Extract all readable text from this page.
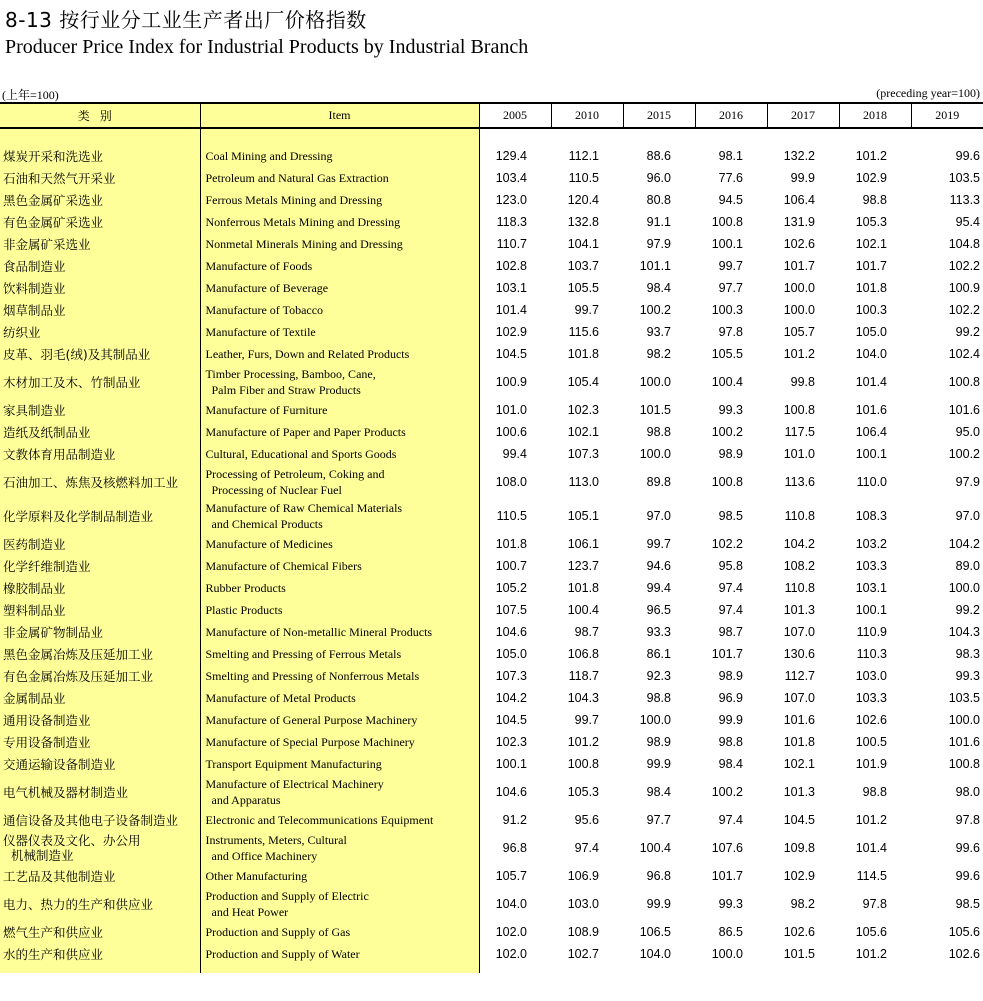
8-13 按行业分工业生产者出厂价格指数
Producer Price Index for Industrial Products by Industrial Branch
(上年=100)	(preceding year=100)
类别	Item	2005	2010	2015	2016	2017	2018	2019

煤炭开采和洗选业	Coal Mining and Dressing	129.4	112.1	88.6	98.1	132.2	101.2	99.6

石油和天然气开采业	Petroleum and Natural Gas Extraction	103.4	110.5	96.0	77.6	99.9	102.9	103.5

黑色金属矿采选业	Ferrous Metals Mining and Dressing	123.0	120.4	80.8	94.5	106.4	98.8	113.3

有色金属矿采选业	Nonferrous Metals Mining and Dressing	118.3	132.8	91.1	100.8	131.9	105.3	95.4

非金属矿采选业	Nonmetal Minerals Mining and Dressing	110.7	104.1	97.9	100.1	102.6	102.1	104.8

食品制造业	Manufacture of Foods	102.8	103.7	101.1	99.7	101.7	101.7	102.2

饮料制造业	Manufacture of Beverage	103.1	105.5	98.4	97.7	100.0	101.8	100.9

烟草制品业	Manufacture of Tobacco	101.4	99.7	100.2	100.3	100.0	100.3	102.2

纺织业	Manufacture of Textile	102.9	115.6	93.7	97.8	105.7	105.0	99.2

皮革、羽毛(绒)及其制品业	Leather, Furs, Down and Related Products	104.5	101.8	98.2	105.5	101.2	104.0	102.4

木材加工及木、竹制品业	Timber Processing, Bamboo, Cane,
Palm Fiber and Straw Products	100.9	105.4	100.0	100.4	99.8	101.4	100.8

家具制造业	Manufacture of Furniture	101.0	102.3	101.5	99.3	100.8	101.6	101.6

造纸及纸制品业	Manufacture of Paper and Paper Products	100.6	102.1	98.8	100.2	117.5	106.4	95.0

文教体育用品制造业	Cultural, Educational and Sports Goods	99.4	107.3	100.0	98.9	101.0	100.1	100.2

石油加工、炼焦及核燃料加工业	Processing of Petroleum, Coking and
Processing of Nuclear Fuel	108.0	113.0	89.8	100.8	113.6	110.0	97.9

化学原料及化学制品制造业	Manufacture of Raw Chemical Materials
and Chemical Products	110.5	105.1	97.0	98.5	110.8	108.3	97.0

医药制造业	Manufacture of Medicines	101.8	106.1	99.7	102.2	104.2	103.2	104.2

化学纤维制造业	Manufacture of Chemical Fibers	100.7	123.7	94.6	95.8	108.2	103.3	89.0

橡胶制品业	Rubber Products	105.2	101.8	99.4	97.4	110.8	103.1	100.0

塑料制品业	Plastic Products	107.5	100.4	96.5	97.4	101.3	100.1	99.2

非金属矿物制品业	Manufacture of Non-metallic Mineral Products	104.6	98.7	93.3	98.7	107.0	110.9	104.3

黑色金属冶炼及压延加工业	Smelting and Pressing of Ferrous Metals	105.0	106.8	86.1	101.7	130.6	110.3	98.3

有色金属冶炼及压延加工业	Smelting and Pressing of Nonferrous Metals	107.3	118.7	92.3	98.9	112.7	103.0	99.3

金属制品业	Manufacture of Metal Products	104.2	104.3	98.8	96.9	107.0	103.3	103.5

通用设备制造业	Manufacture of General Purpose Machinery	104.5	99.7	100.0	99.9	101.6	102.6	100.0

专用设备制造业	Manufacture of Special Purpose Machinery	102.3	101.2	98.9	98.8	101.8	100.5	101.6

交通运输设备制造业	Transport Equipment Manufacturing	100.1	100.8	99.9	98.4	102.1	101.9	100.8

电气机械及器材制造业	Manufacture of Electrical Machinery
and Apparatus	104.6	105.3	98.4	100.2	101.3	98.8	98.0

通信设备及其他电子设备制造业	Electronic and Telecommunications Equipment	91.2	95.6	97.7	97.4	104.5	101.2	97.8

仪器仪表及文化、办公用
机械制造业	Instruments, Meters, Cultural
and Office Machinery	96.8	97.4	100.4	107.6	109.8	101.4	99.6

工艺品及其他制造业	Other Manufacturing	105.7	106.9	96.8	101.7	102.9	114.5	99.6

电力、热力的生产和供应业	Production and Supply of Electric
and Heat Power	104.0	103.0	99.9	99.3	98.2	97.8	98.5

燃气生产和供应业	Production and Supply of Gas	102.0	108.9	106.5	86.5	102.6	105.6	105.6

水的生产和供应业	Production and Supply of Water	102.0	102.7	104.0	100.0	101.5	101.2	102.6
